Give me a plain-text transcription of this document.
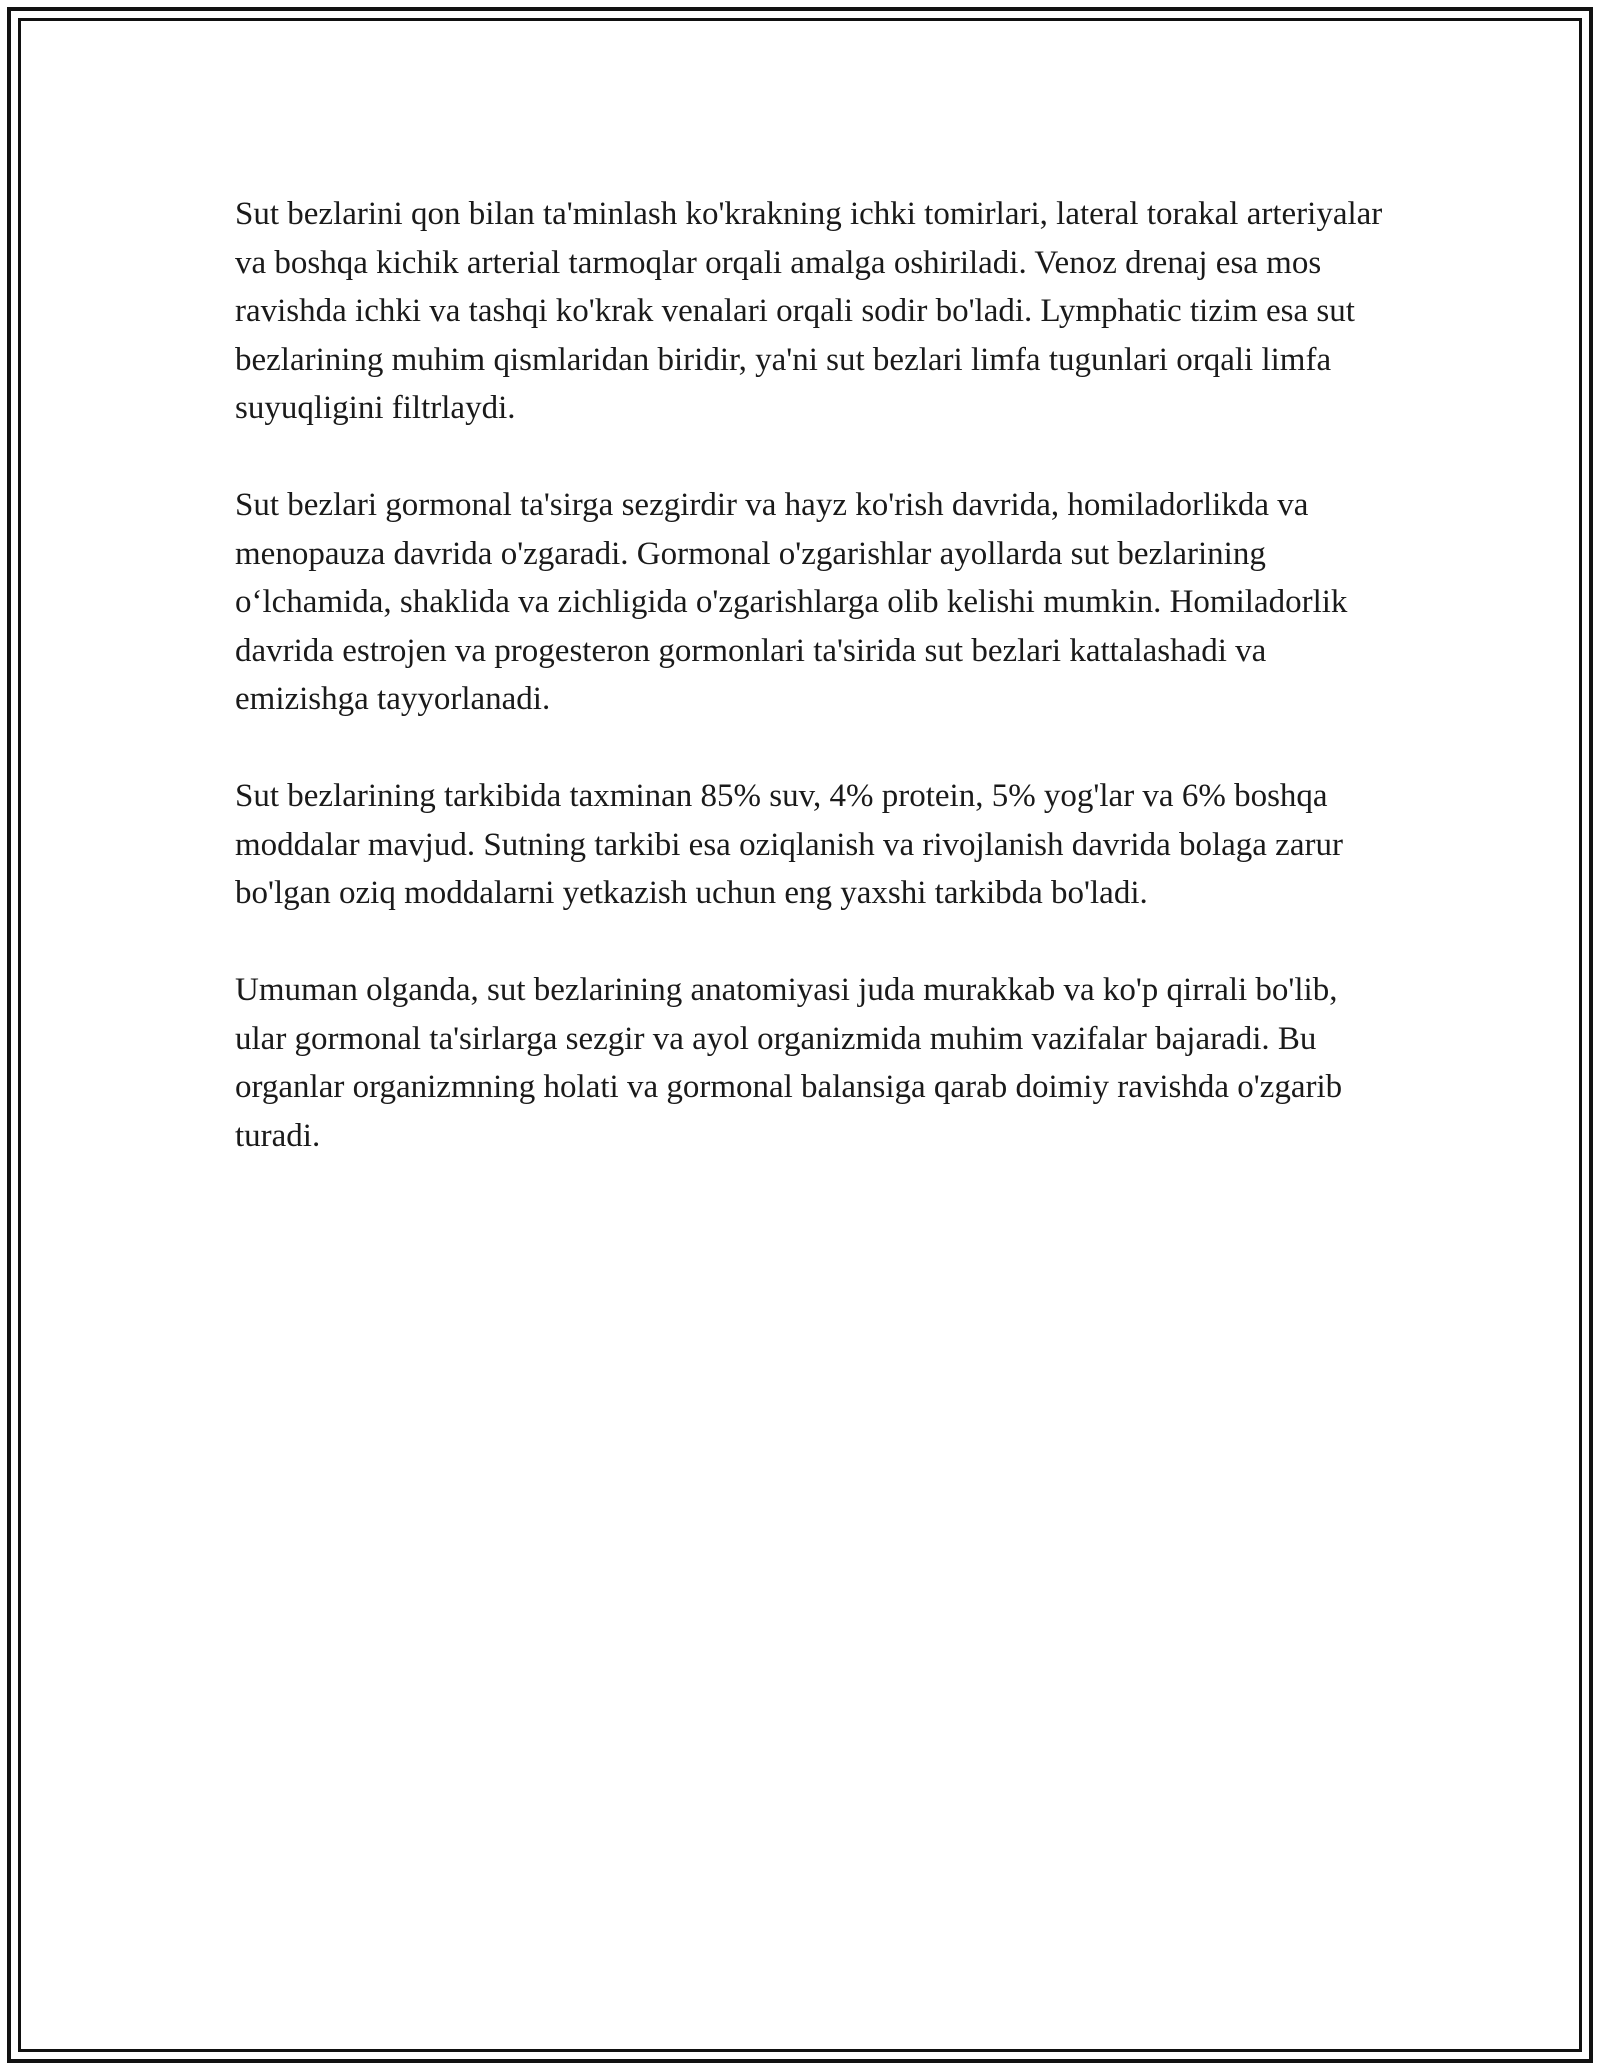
Sut bezlarini qon bilan ta'minlash ko'krakning ichki tomirlari, lateral torakal arteriyalar va boshqa kichik arterial tarmoqlar orqali amalga oshiriladi. Venoz drenaj esa mos ravishda ichki va tashqi ko'krak venalari orqali sodir bo'ladi. Lymphatic tizim esa sut bezlarining muhim qismlaridan biridir, ya'ni sut bezlari limfa tugunlari orqali limfa suyuqligini filtrlaydi.

Sut bezlari gormonal ta'sirga sezgirdir va hayz ko'rish davrida, homiladorlikda va menopauza davrida o'zgaradi. Gormonal o'zgarishlar ayollarda sut bezlarining o‘lchamida, shaklida va zichligida o'zgarishlarga olib kelishi mumkin. Homiladorlik davrida estrojen va progesteron gormonlari ta'sirida sut bezlari kattalashadi va emizishga tayyorlanadi.

Sut bezlarining tarkibida taxminan 85% suv, 4% protein, 5% yog'lar va 6% boshqa moddalar mavjud. Sutning tarkibi esa oziqlanish va rivojlanish davrida bolaga zarur bo'lgan oziq moddalarni yetkazish uchun eng yaxshi tarkibda bo'ladi.

Umuman olganda, sut bezlarining anatomiyasi juda murakkab va ko'p qirrali bo'lib, ular gormonal ta'sirlarga sezgir va ayol organizmida muhim vazifalar bajaradi. Bu organlar organizmning holati va gormonal balansiga qarab doimiy ravishda o'zgarib turadi.
